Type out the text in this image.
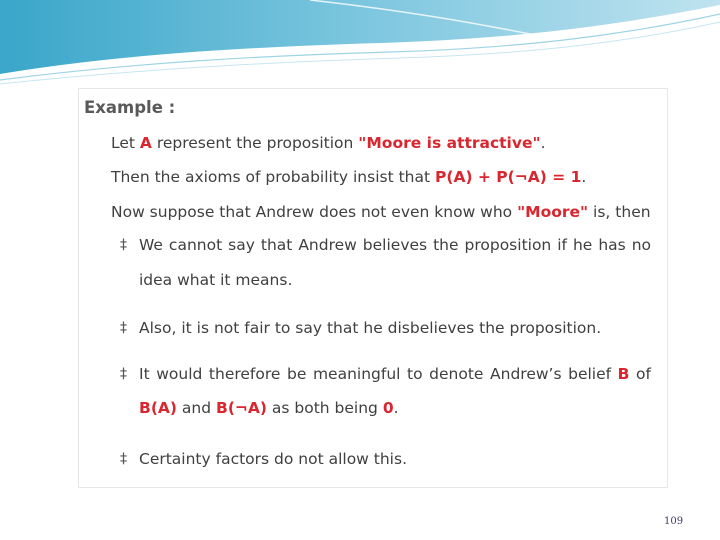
Example :
Let A represent the proposition "Moore is attractive".
Then the axioms of probability insist that P(A) + P(¬A) = 1.
Now suppose that Andrew does not even know who "Moore" is, then
‡ We cannot say that Andrew believes the proposition if he has no
idea what it means.
‡ Also, it is not fair to say that he disbelieves the proposition.
‡ It would therefore be meaningful to denote Andrew’s belief B of
B(A) and B(¬A) as both being 0.
‡ Certainty factors do not allow this.
109
